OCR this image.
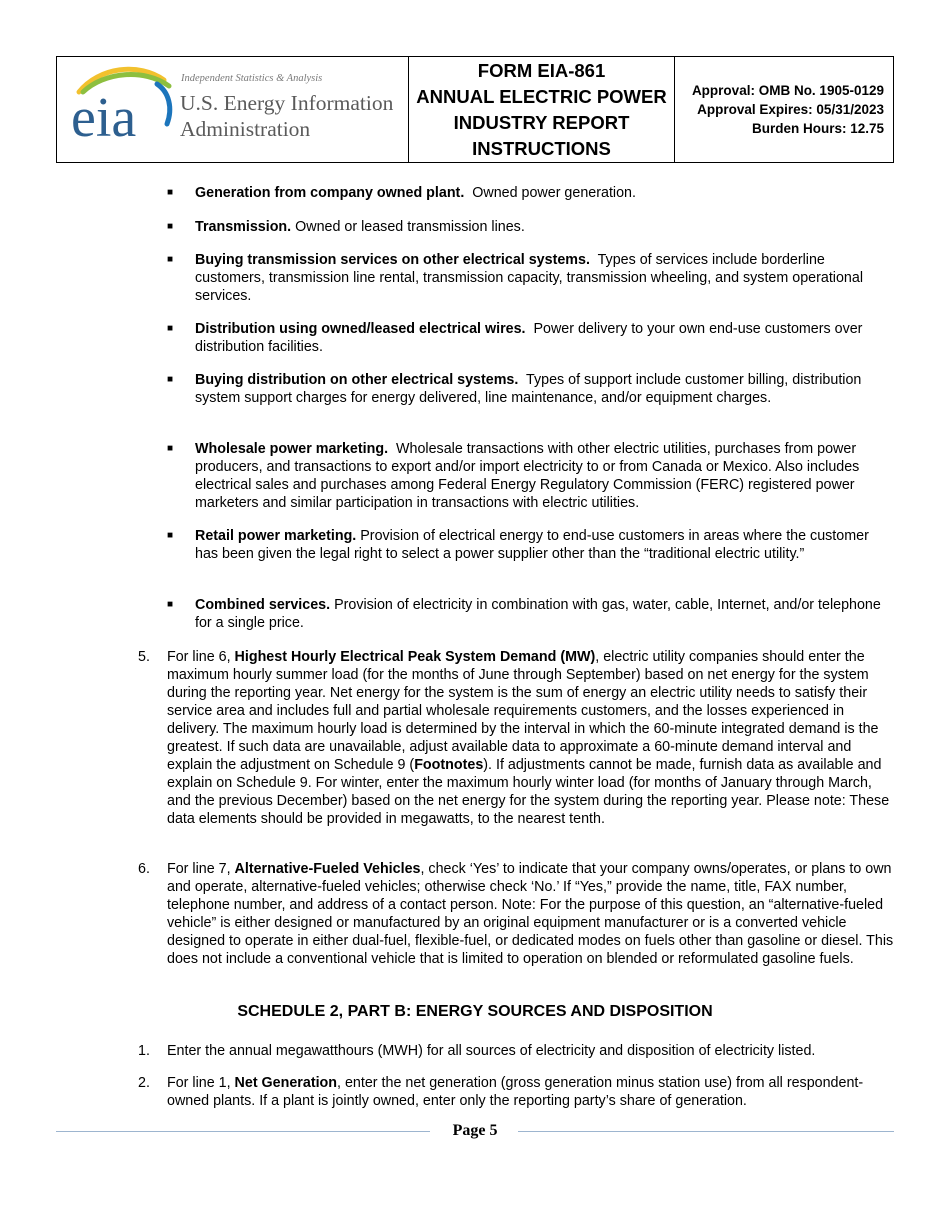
eia
Independent Statistics & Analysis
U.S. Energy Information
Administration
FORM EIA-861
ANNUAL ELECTRIC POWER
INDUSTRY REPORT
INSTRUCTIONS
Approval: OMB No. 1905-0129
Approval Expires: 05/31/2023
Burden Hours: 12.75
■ Generation from company owned plant. Owned power generation.
■ Transmission. Owned or leased transmission lines.
■ Buying transmission services on other electrical systems. Types of services include borderline customers, transmission line rental, transmission capacity, transmission wheeling, and system operational services.
■ Distribution using owned/leased electrical wires. Power delivery to your own end-use customers over distribution facilities.
■ Buying distribution on other electrical systems. Types of support include customer billing, distribution system support charges for energy delivered, line maintenance, and/or equipment charges.
■ Wholesale power marketing. Wholesale transactions with other electric utilities, purchases from power producers, and transactions to export and/or import electricity to or from Canada or Mexico. Also includes electrical sales and purchases among Federal Energy Regulatory Commission (FERC) registered power marketers and similar participation in transactions with electric utilities.
■ Retail power marketing. Provision of electrical energy to end-use customers in areas where the customer has been given the legal right to select a power supplier other than the “traditional electric utility.”
■ Combined services. Provision of electricity in combination with gas, water, cable, Internet, and/or telephone for a single price.
5. For line 6, Highest Hourly Electrical Peak System Demand (MW), electric utility companies should enter the maximum hourly summer load (for the months of June through September) based on net energy for the system during the reporting year. Net energy for the system is the sum of energy an electric utility needs to satisfy their service area and includes full and partial wholesale requirements customers, and the losses experienced in delivery. The maximum hourly load is determined by the interval in which the 60-minute integrated demand is the greatest. If such data are unavailable, adjust available data to approximate a 60-minute demand interval and explain the adjustment on Schedule 9 (Footnotes). If adjustments cannot be made, furnish data as available and explain on Schedule 9. For winter, enter the maximum hourly winter load (for months of January through March, and the previous December) based on the net energy for the system during the reporting year. Please note: These data elements should be provided in megawatts, to the nearest tenth.
6. For line 7, Alternative-Fueled Vehicles, check ‘Yes’ to indicate that your company owns/operates, or plans to own and operate, alternative-fueled vehicles; otherwise check ‘No.’ If “Yes,” provide the name, title, FAX number, telephone number, and address of a contact person. Note: For the purpose of this question, an “alternative-fueled vehicle” is either designed or manufactured by an original equipment manufacturer or is a converted vehicle designed to operate in either dual-fuel, flexible-fuel, or dedicated modes on fuels other than gasoline or diesel. This does not include a conventional vehicle that is limited to operation on blended or reformulated gasoline fuels.
SCHEDULE 2, PART B: ENERGY SOURCES AND DISPOSITION
1. Enter the annual megawatthours (MWH) for all sources of electricity and disposition of electricity listed.
2. For line 1, Net Generation, enter the net generation (gross generation minus station use) from all respondent-owned plants. If a plant is jointly owned, enter only the reporting party’s share of generation.
Page 5
